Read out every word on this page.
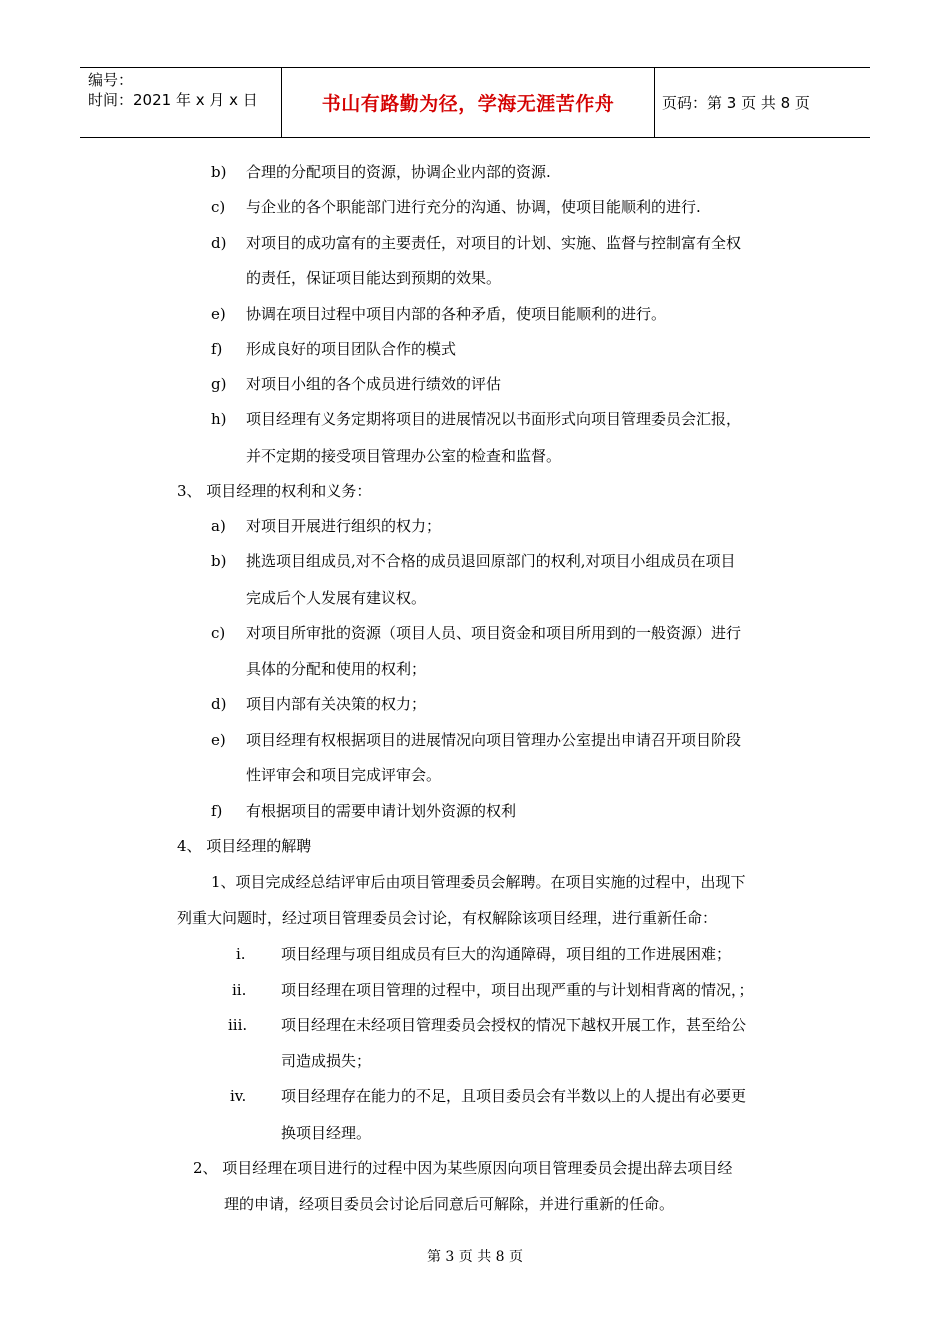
编号：
时间：2021 年 x 月 x 日	书山有路勤为径，学海无涯苦作舟	页码：第 3 页 共 8 页
b) 合理的分配项目的资源，协调企业内部的资源.
c) 与企业的各个职能部门进行充分的沟通、协调，使项目能顺利的进行.
d) 对项目的成功富有的主要责任，对项目的计划、实施、监督与控制富有全权
的责任，保证项目能达到预期的效果。
e) 协调在项目过程中项目内部的各种矛盾，使项目能顺利的进行。
f) 形成良好的项目团队合作的模式
g) 对项目小组的各个成员进行绩效的评估
h) 项目经理有义务定期将项目的进展情况以书面形式向项目管理委员会汇报，
并不定期的接受项目管理办公室的检查和监督。
3、 项目经理的权利和义务：
a) 对项目开展进行组织的权力；
b) 挑选项目组成员,对不合格的成员退回原部门的权利,对项目小组成员在项目
完成后个人发展有建议权。
c) 对项目所审批的资源（项目人员、项目资金和项目所用到的一般资源）进行
具体的分配和使用的权利；
d) 项目内部有关决策的权力；
e) 项目经理有权根据项目的进展情况向项目管理办公室提出申请召开项目阶段
性评审会和项目完成评审会。
f) 有根据项目的需要申请计划外资源的权利
4、 项目经理的解聘
1、项目完成经总结评审后由项目管理委员会解聘。在项目实施的过程中，出现下
列重大问题时，经过项目管理委员会讨论，有权解除该项目经理，进行重新任命：
i. 项目经理与项目组成员有巨大的沟通障碍，项目组的工作进展困难；
ii. 项目经理在项目管理的过程中，项目出现严重的与计划相背离的情况，；
iii. 项目经理在未经项目管理委员会授权的情况下越权开展工作，甚至给公
司造成损失；
iv. 项目经理存在能力的不足，且项目委员会有半数以上的人提出有必要更
换项目经理。
2、 项目经理在项目进行的过程中因为某些原因向项目管理委员会提出辞去项目经
理的申请，经项目委员会讨论后同意后可解除，并进行重新的任命。
第 3 页 共 8 页
